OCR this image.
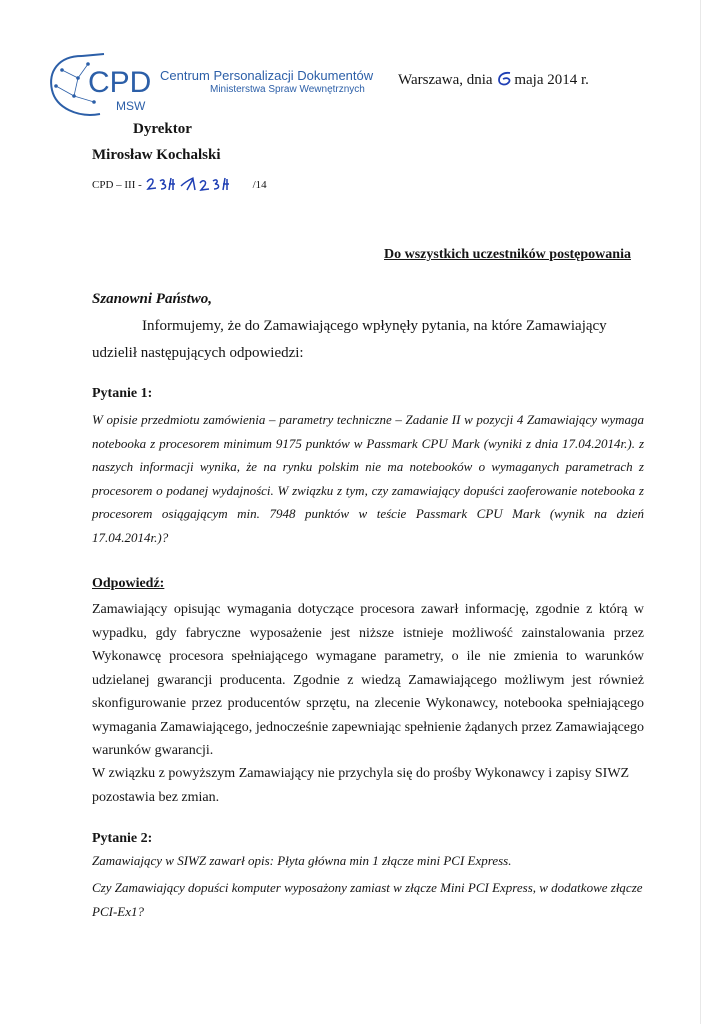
CPD
MSW
Centrum Personalizacji Dokumentów
Ministerstwa Spraw Wewnętrznych
Warszawa, dnia maja 2014 r.
Dyrektor
Mirosław Kochalski
CPD – III -	/14
Do wszystkich uczestników postępowania
Szanowni Państwo,

Informujemy, że do Zamawiającego wpłynęły pytania, na które Zamawiający udzielił następujących odpowiedzi:

Pytanie 1:

W opisie przedmiotu zamówienia – parametry techniczne – Zadanie II w pozycji 4 Zamawiający wymaga notebooka z procesorem minimum 9175 punktów w Passmark CPU Mark (wyniki z dnia 17.04.2014r.). z naszych informacji wynika, że na rynku polskim nie ma notebooków o wymaganych parametrach z procesorem o podanej wydajności. W związku z tym, czy zamawiający dopuści zaoferowanie notebooka z procesorem osiągającym min. 7948 punktów w teście Passmark CPU Mark (wynik na dzień 17.04.2014r.)?

Odpowiedź:

Zamawiający opisując wymagania dotyczące procesora zawarł informację, zgodnie z którą w wypadku, gdy fabryczne wyposażenie jest niższe istnieje możliwość zainstalowania przez Wykonawcę procesora spełniającego wymagane parametry, o ile nie zmienia to warunków udzielanej gwarancji producenta. Zgodnie z wiedzą Zamawiającego możliwym jest również skonfigurowanie przez producentów sprzętu, na zlecenie Wykonawcy, notebooka spełniającego wymagania Zamawiającego, jednocześnie zapewniając spełnienie żądanych przez Zamawiającego warunków gwarancji.

W związku z powyższym Zamawiający nie przychyla się do prośby Wykonawcy i zapisy SIWZ pozostawia bez zmian.

Pytanie 2:
Zamawiający w SIWZ zawarł opis: Płyta główna min 1 złącze mini PCI Express.

Czy Zamawiający dopuści komputer wyposażony zamiast w złącze Mini PCI Express, w dodatkowe złącze PCI-Ex1?
